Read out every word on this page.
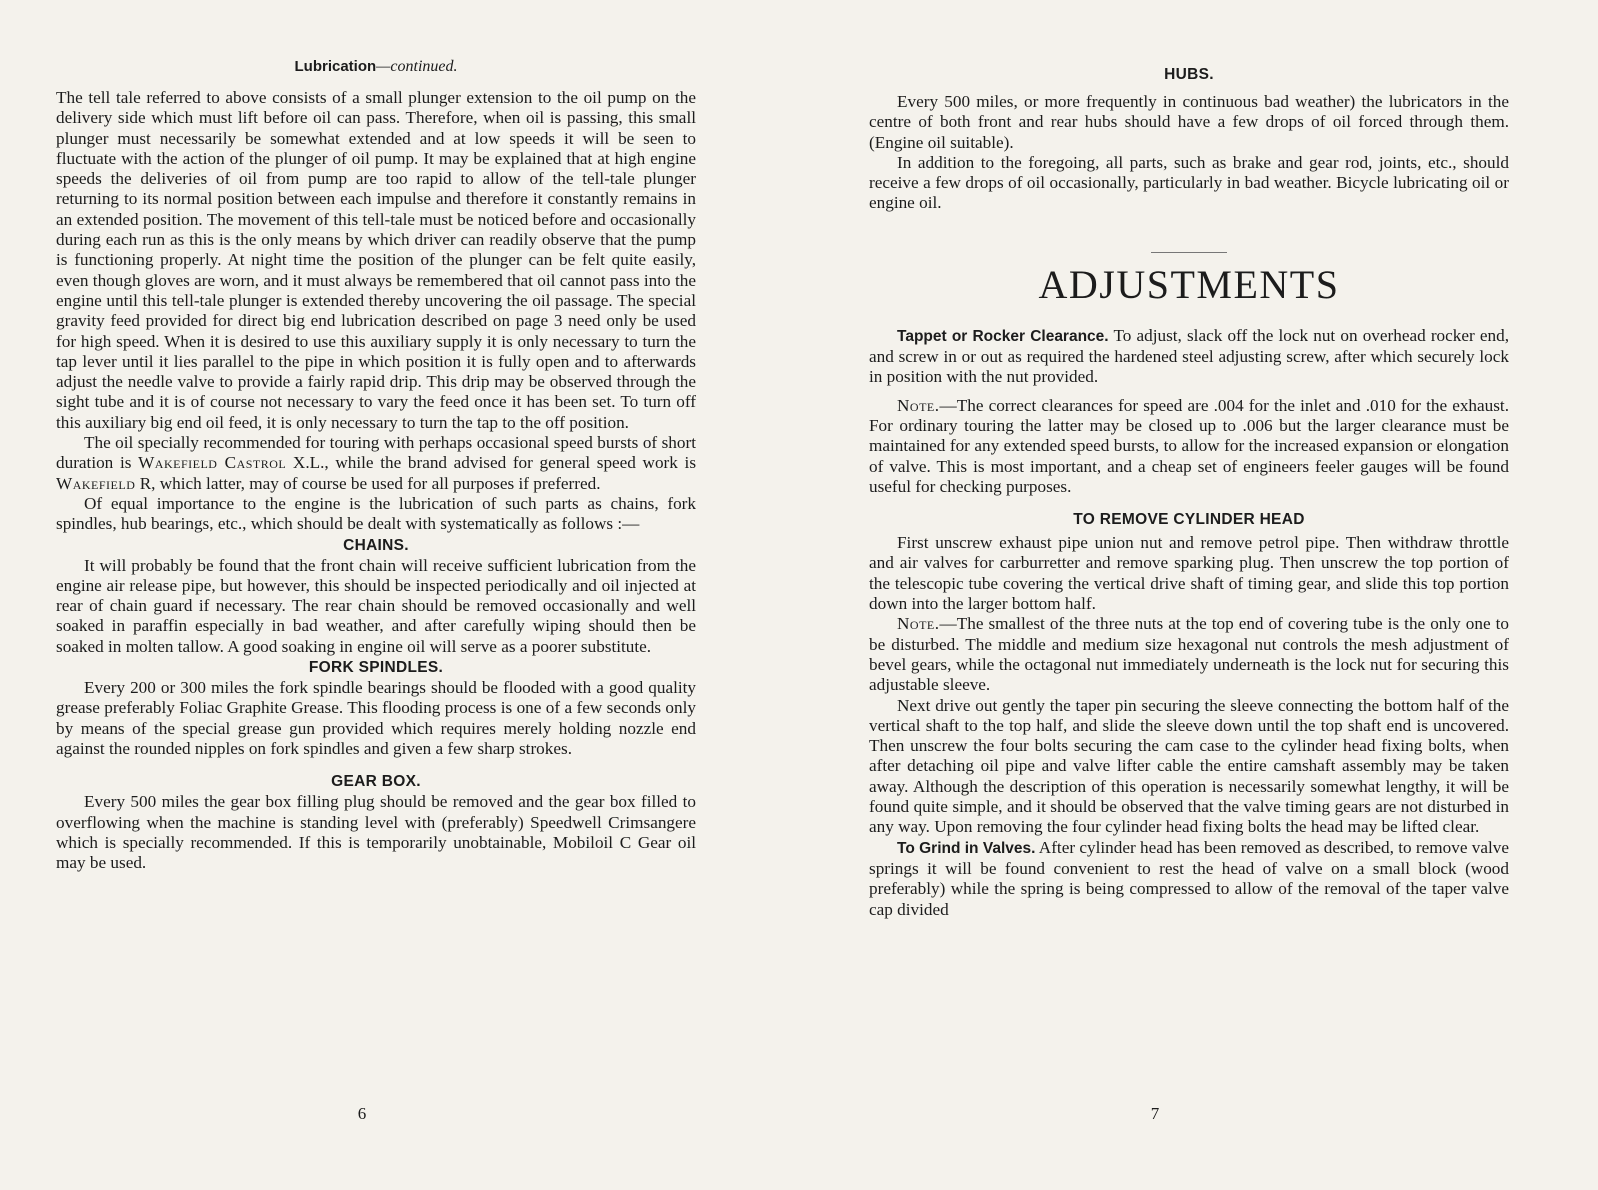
Lubrication—continued.

The tell tale referred to above consists of a small plunger extension to the oil pump on the delivery side which must lift before oil can pass. Therefore, when oil is passing, this small plunger must necessarily be somewhat extended and at low speeds it will be seen to fluctuate with the action of the plunger of oil pump. It may be explained that at high engine speeds the deliveries of oil from pump are too rapid to allow of the tell-tale plunger returning to its normal position between each impulse and therefore it constantly remains in an extended position. The movement of this tell-tale must be noticed before and occasionally during each run as this is the only means by which driver can readily observe that the pump is functioning properly. At night time the position of the plunger can be felt quite easily, even though gloves are worn, and it must always be remembered that oil cannot pass into the engine until this tell-tale plunger is extended thereby uncovering the oil passage. The special gravity feed provided for direct big end lubrication described on page 3 need only be used for high speed. When it is desired to use this auxiliary supply it is only necessary to turn the tap lever until it lies parallel to the pipe in which position it is fully open and to afterwards adjust the needle valve to provide a fairly rapid drip. This drip may be observed through the sight tube and it is of course not necessary to vary the feed once it has been set. To turn off this auxiliary big end oil feed, it is only necessary to turn the tap to the off position.

The oil specially recommended for touring with perhaps occasional speed bursts of short duration is Wakefield Castrol X.L., while the brand advised for general speed work is Wakefield R, which latter, may of course be used for all purposes if preferred.

Of equal importance to the engine is the lubrication of such parts as chains, fork spindles, hub bearings, etc., which should be dealt with systematically as follows :—

CHAINS.

It will probably be found that the front chain will receive sufficient lubrication from the engine air release pipe, but however, this should be inspected periodically and oil injected at rear of chain guard if necessary. The rear chain should be removed occasionally and well soaked in paraffin especially in bad weather, and after carefully wiping should then be soaked in molten tallow. A good soaking in engine oil will serve as a poorer substitute.

FORK SPINDLES.

Every 200 or 300 miles the fork spindle bearings should be flooded with a good quality grease preferably Foliac Graphite Grease. This flooding process is one of a few seconds only by means of the special grease gun provided which requires merely holding nozzle end against the rounded nipples on fork spindles and given a few sharp strokes.

GEAR BOX.

Every 500 miles the gear box filling plug should be removed and the gear box filled to overflowing when the machine is standing level with (preferably) Speedwell Crimsangere which is specially recommended. If this is temporarily unobtainable, Mobiloil C Gear oil may be used.

6
HUBS.

Every 500 miles, or more frequently in continuous bad weather) the lubricators in the centre of both front and rear hubs should have a few drops of oil forced through them. (Engine oil suitable).

In addition to the foregoing, all parts, such as brake and gear rod, joints, etc., should receive a few drops of oil occasionally, particularly in bad weather. Bicycle lubricating oil or engine oil.

ADJUSTMENTS

Tappet or Rocker Clearance. To adjust, slack off the lock nut on overhead rocker end, and screw in or out as required the hardened steel adjusting screw, after which securely lock in position with the nut provided.

Note.—The correct clearances for speed are .004 for the inlet and .010 for the exhaust. For ordinary touring the latter may be closed up to .006 but the larger clearance must be maintained for any extended speed bursts, to allow for the increased expansion or elongation of valve. This is most important, and a cheap set of engineers feeler gauges will be found useful for checking purposes.

TO REMOVE CYLINDER HEAD

First unscrew exhaust pipe union nut and remove petrol pipe. Then withdraw throttle and air valves for carburretter and remove sparking plug. Then unscrew the top portion of the telescopic tube covering the vertical drive shaft of timing gear, and slide this top portion down into the larger bottom half.

Note.—The smallest of the three nuts at the top end of covering tube is the only one to be disturbed. The middle and medium size hexagonal nut controls the mesh adjustment of bevel gears, while the octagonal nut immediately underneath is the lock nut for securing this adjustable sleeve.

Next drive out gently the taper pin securing the sleeve connecting the bottom half of the vertical shaft to the top half, and slide the sleeve down until the top shaft end is uncovered. Then unscrew the four bolts securing the cam case to the cylinder head fixing bolts, when after detaching oil pipe and valve lifter cable the entire camshaft assembly may be taken away. Although the description of this operation is necessarily somewhat lengthy, it will be found quite simple, and it should be observed that the valve timing gears are not disturbed in any way. Upon removing the four cylinder head fixing bolts the head may be lifted clear.

To Grind in Valves. After cylinder head has been removed as described, to remove valve springs it will be found convenient to rest the head of valve on a small block (wood preferably) while the spring is being compressed to allow of the removal of the taper valve cap divided

7
